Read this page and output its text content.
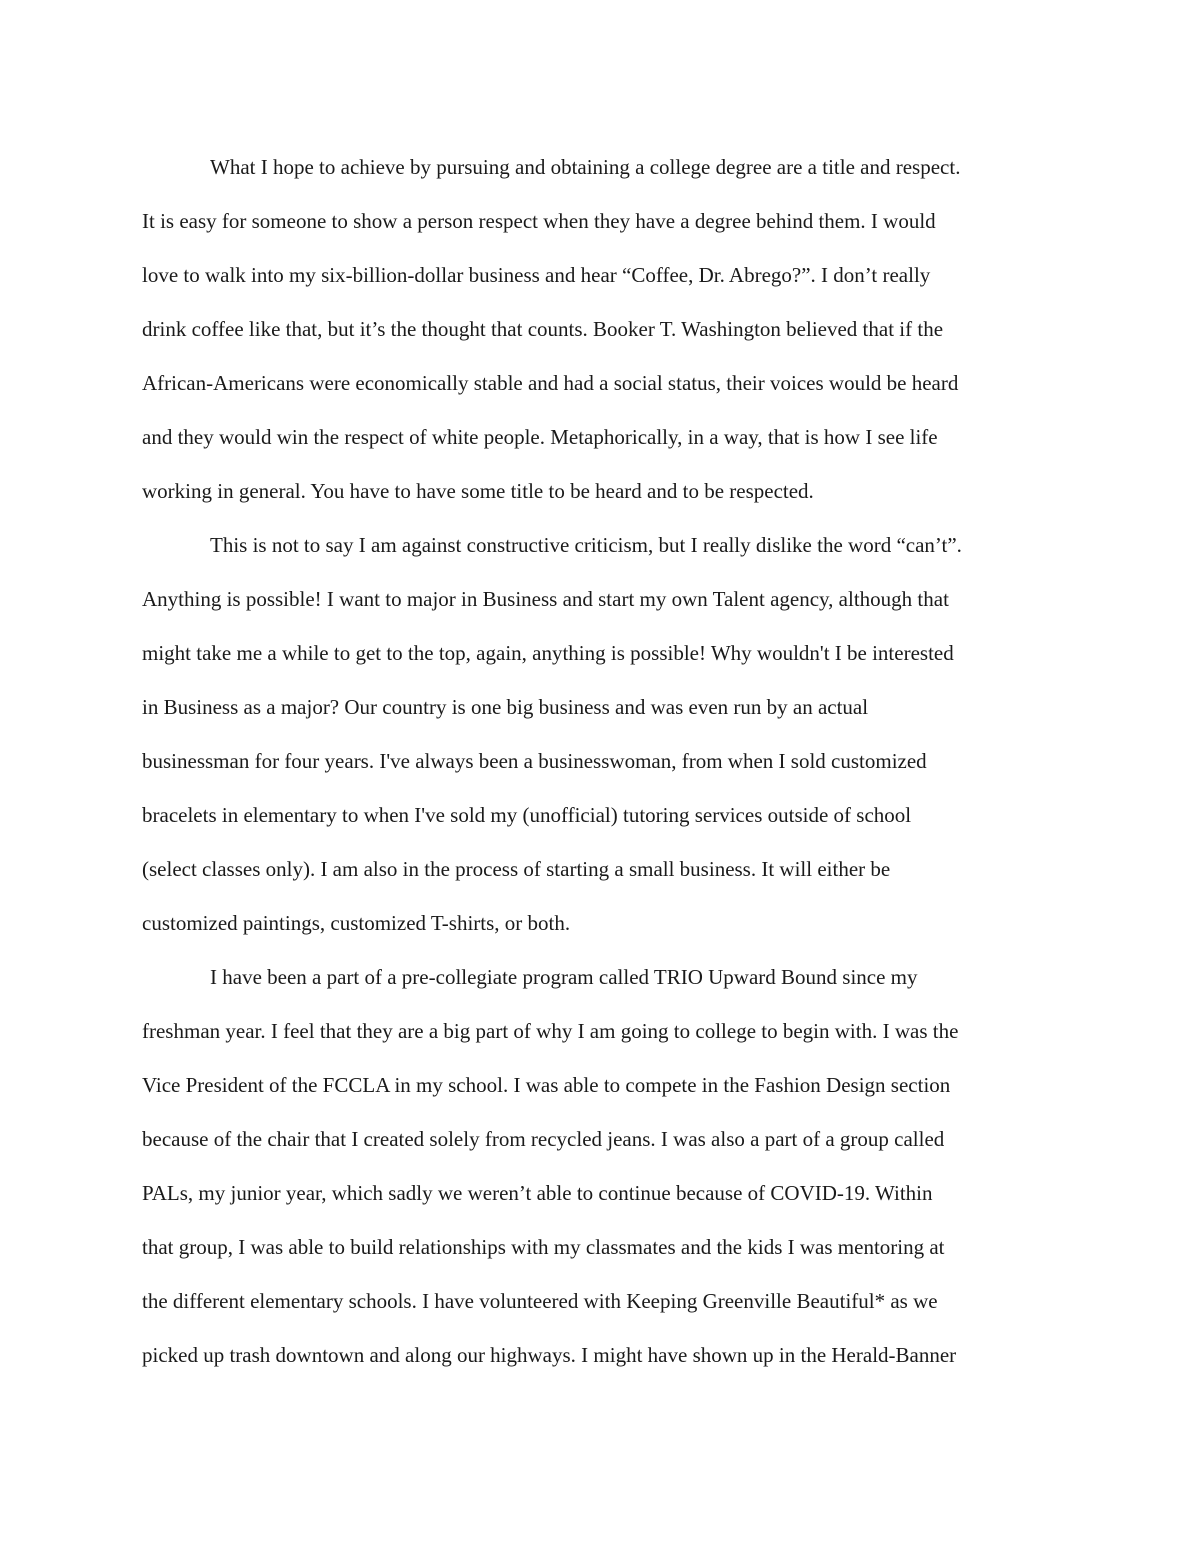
What I hope to achieve by pursuing and obtaining a college degree are a title and respect.
It is easy for someone to show a person respect when they have a degree behind them. I would
love to walk into my six-billion-dollar business and hear “Coffee, Dr. Abrego?”. I don’t really
drink coffee like that, but it’s the thought that counts. Booker T. Washington believed that if the
African-Americans were economically stable and had a social status, their voices would be heard
and they would win the respect of white people. Metaphorically, in a way, that is how I see life
working in general. You have to have some title to be heard and to be respected.
This is not to say I am against constructive criticism, but I really dislike the word “can’t”.
Anything is possible! I want to major in Business and start my own Talent agency, although that
might take me a while to get to the top, again, anything is possible! Why wouldn't I be interested
in Business as a major? Our country is one big business and was even run by an actual
businessman for four years. I've always been a businesswoman, from when I sold customized
bracelets in elementary to when I've sold my (unofficial) tutoring services outside of school
(select classes only). I am also in the process of starting a small business. It will either be
customized paintings, customized T-shirts, or both.
I have been a part of a pre-collegiate program called TRIO Upward Bound since my
freshman year. I feel that they are a big part of why I am going to college to begin with. I was the
Vice President of the FCCLA in my school. I was able to compete in the Fashion Design section
because of the chair that I created solely from recycled jeans. I was also a part of a group called
PALs, my junior year, which sadly we weren’t able to continue because of COVID-19. Within
that group, I was able to build relationships with my classmates and the kids I was mentoring at
the different elementary schools. I have volunteered with Keeping Greenville Beautiful* as we
picked up trash downtown and along our highways. I might have shown up in the Herald-Banner
